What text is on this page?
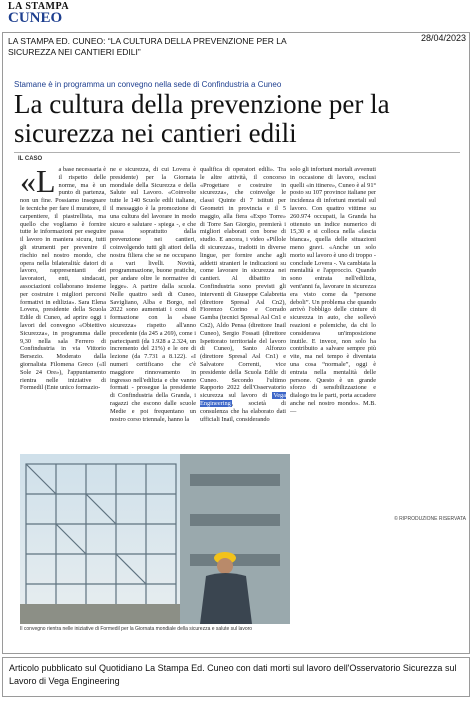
LA STAMPA
CUNEO
LA STAMPA ED. CUNEO: “LA CULTURA DELLA PREVENZIONE PER LA SICUREZZA NEI CANTIERI EDILI”
28/04/2023
Stamane è in programma un convegno nella sede di Confindustria a Cuneo
La cultura della prevenzione per la sicurezza nei cantieri edili
IL CASO
«La base necessaria è il rispetto delle norme, ma è un punto di partenza, non un fine. Possiamo insegnare le tecniche per fare il muratore, il carpentiere, il piastrellista, ma quello che vogliamo è fornire tutte le informazioni per eseguire il lavoro in maniera sicura, tutti gli strumenti per prevenire il rischio nel nostro mondo, che opera nella bilateralità: datori di lavoro, rappresentanti dei lavoratori, enti, sindacati, associazioni collaborano insieme per costruire i migliori percorsi formativi in edilizia». Sara Elena Lovera, presidente della Scuola Edile di Cuneo, ad aprire oggi i lavori del convegno «Obiettivo Sicurezza», in programma dalle 9,30 nella sala Ferrero di Confindustria in via Vittorio Bersezio. Moderato dalla giornalista Filomena Greco («Il Sole 24 Ore»), l'appuntamento rientra nelle iniziative di Formedil (Ente unico formazio-
ne e sicurezza, di cui Lovera è presidente) per la Giornata mondiale della Sicurezza e della Salute sul Lavoro. «Coinvolte tutte le 140 Scuole edili italiane, il messaggio è la promozione di una cultura del lavorare in modo sicuro e salutare - spiega -, e che passa soprattutto dalla prevenzione nei cantieri, coinvolgendo tutti gli attori della nostra filiera che se ne occupano a vari livelli. Novità, programmazione, buone pratiche, per andare oltre le normative di legge». A partire dalla scuola. Nelle quattro sedi di Cuneo, Savigliano, Alba e Borgo, nel 2022 sono aumentati i corsi di formazione con la «base sicurezza» rispetto all'anno precedente (da 245 a 269), come i partecipanti (da 1.928 a 2.324, un incremento del 21%) e le ore di lezione (da 7.731 a 8.122). «I numeri certificano che c'è maggiore rinnovamento in ingresso nell'edilizia e che vanno formati - prosegue la presidente di Confindustria della Granda, i ragazzi che escono dalle scuole Medie e poi frequentano un nostro corso triennale, hanno la
qualifica di operatori edili». Tra le altre attività, il concorso «Progettare e costruire in sicurezza», che coinvolge le classi Quinte di 7 istituti per Geometri in provincia e il 5 maggio, alla fiera «Expo Torre» di Torre San Giorgio, premierà i migliori elaborati con borse di studio. E ancora, i video «Pillole di sicurezza», tradotti in diverse lingue, per fornire anche agli addetti stranieri le indicazioni su come lavorare in sicurezza nei cantieri. Al dibattito in Confindustria sono previsti gli interventi di Giuseppe Calabretta (direttore Spresal Asl Cn2), Fiorenzo Corino e Corrado Gamba (tecnici Spresal Asl Cn1 e Cn2), Aldo Pensa (direttore Inail Cuneo), Sergio Fossati (direttore Ispettorato territoriale del lavoro di Cuneo), Santo Alfonzo (direttore Spresal Asl Cn1) e Salvatore Correnti, vice presidente della Scuola Edile di Cuneo. Secondo l'ultimo Rapporto 2022 dell'Osservatorio sicurezza sul lavoro di Vega Engineering, società di consulenza che ha elaborato dati ufficiali Inail, considerando
solo gli infortuni mortali avvenuti in occasione di lavoro, esclusi quelli «in itinere», Cuneo è al 91° posto su 107 province italiane per incidenza di infortuni mortali sul lavoro. Con quattro vittime su 260.974 occupati, la Granda ha ottenuto un indice numerico di 15,30 e si colloca nella «fascia bianca», quella delle situazioni meno gravi. «Anche un solo morto sul lavoro è uno di troppo - conclude Lovera -. Va cambiata la mentalità e l'approccio. Quando sono entrata nell'edilizia, vent'anni fa, lavorare in sicurezza era visto come da “persone deboli”. Un problema che quando arrivò l'obbligo delle cinture di sicurezza in auto, che sollevò reazioni e polemiche, da chi lo considerava un'imposizione inutile. E invece, non solo ha contribuito a salvare sempre più vite, ma nel tempo è diventata una cosa “normale”, oggi è entrata nella mentalità delle persone. Questo è un grande sforzo di sensibilizzazione e dialogo tra le parti, porta accadere anche nel nostro mondo». M.B. —
Il convegno rientra nelle iniziative di Formedil per la Giornata mondiale della sicurezza e salute sul lavoro
© RIPRODUZIONE RISERVATA
Articolo pubblicato sul Quotidiano La Stampa Ed. Cuneo con dati morti sul lavoro dell'Osservatorio Sicurezza sul Lavoro di Vega Engineering
